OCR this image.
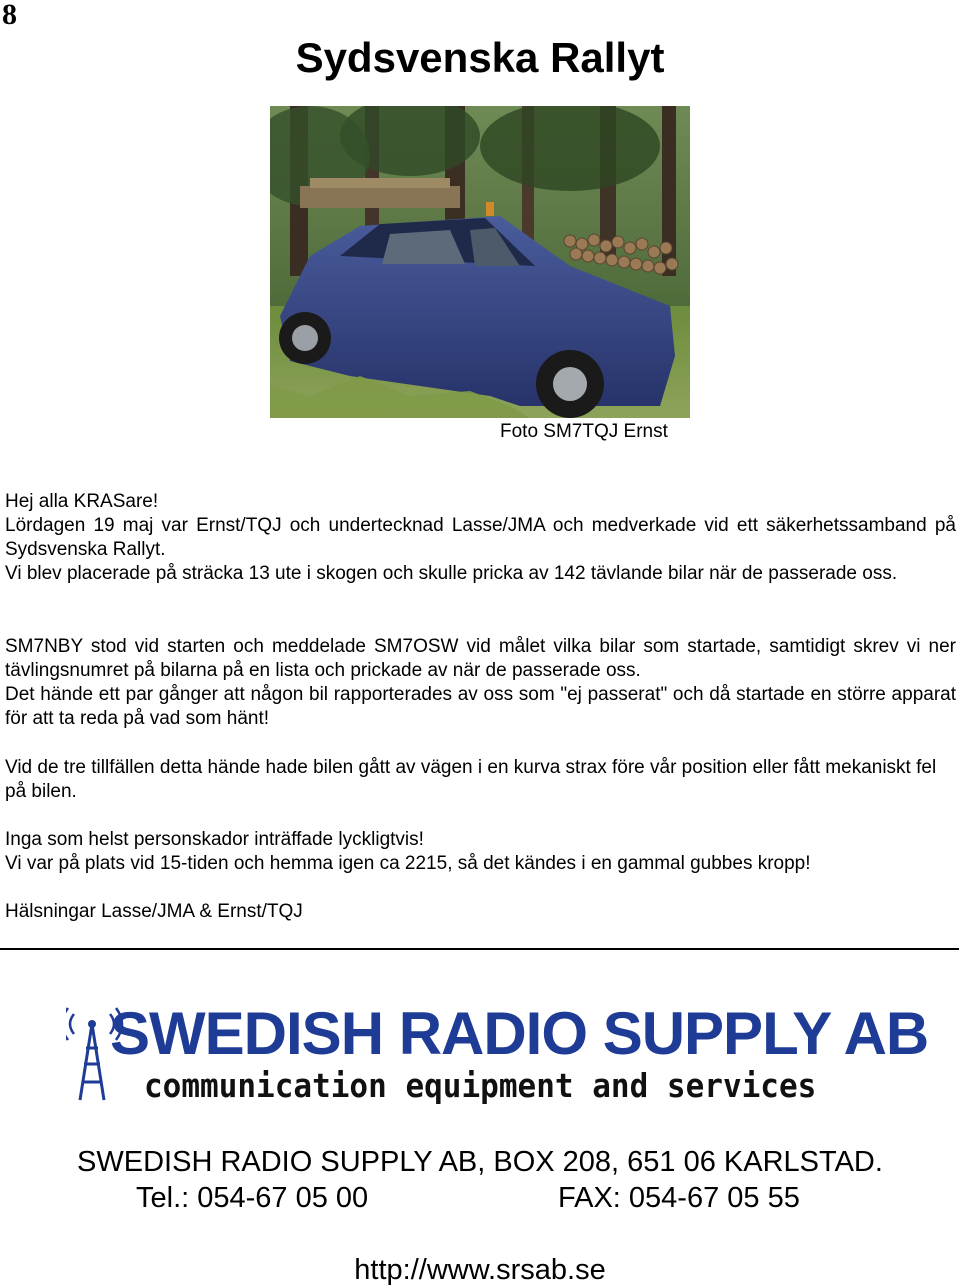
8
Sydsvenska Rallyt
Foto SM7TQJ Ernst

Hej alla KRASare!

Lördagen 19 maj var Ernst/TQJ och undertecknad Lasse/JMA och medverkade vid ett säkerhetssamband på Sydsvenska Rallyt.

Vi blev placerade på sträcka 13 ute i skogen och skulle pricka av 142 tävlande bilar när de passerade oss.

SM7NBY stod vid starten och meddelade SM7OSW vid målet vilka bilar som startade, samtidigt skrev vi ner tävlingsnumret på bilarna på en lista och prickade av när de passerade oss.

Det hände ett par gånger att någon bil rapporterades av oss som "ej passerat" och då startade en större apparat för att ta reda på vad som hänt!

Vid de tre tillfällen detta hände hade bilen gått av vägen i en kurva strax före vår position eller fått mekaniskt fel på bilen.

Inga som helst personskador inträffade lyckligtvis!

Vi var på plats vid 15-tiden och hemma igen ca 2215, så det kändes i en gammal gubbes kropp!

Hälsningar Lasse/JMA & Ernst/TQJ
SWEDISH RADIO SUPPLY AB
communication equipment and services
SWEDISH RADIO SUPPLY AB, BOX 208, 651 06 KARLSTAD.
Tel.: 054-67 05 00	FAX: 054-67 05 55
http://www.srsab.se
